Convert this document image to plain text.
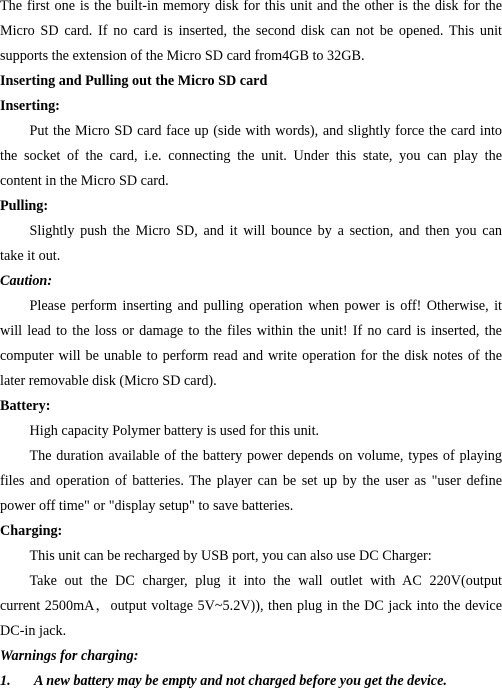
The first one is the built-in memory disk for this unit and the other is the disk for the
Micro SD card. If no card is inserted, the second disk can not be opened. This unit
supports the extension of the Micro SD card from4GB to 32GB.
Inserting and Pulling out the Micro SD card
Inserting:
Put the Micro SD card face up (side with words), and slightly force the card into
the socket of the card, i.e. connecting the unit. Under this state, you can play the
content in the Micro SD card.
Pulling:
Slightly push the Micro SD, and it will bounce by a section, and then you can
take it out.
Caution:
Please perform inserting and pulling operation when power is off! Otherwise, it
will lead to the loss or damage to the files within the unit! If no card is inserted, the
computer will be unable to perform read and write operation for the disk notes of the
later removable disk (Micro SD card).
Battery:
High capacity Polymer battery is used for this unit.
The duration available of the battery power depends on volume, types of playing
files and operation of batteries. The player can be set up by the user as "user define
power off time" or "display setup" to save batteries.
Charging:
This unit can be recharged by USB port, you can also use DC Charger:
Take out the DC charger, plug it into the wall outlet with AC 220V(output
current 2500mA，output voltage 5V~5.2V)), then plug in the DC jack into the device
DC-in jack.
Warnings for charging:
1. A new battery may be empty and not charged before you get the device.
